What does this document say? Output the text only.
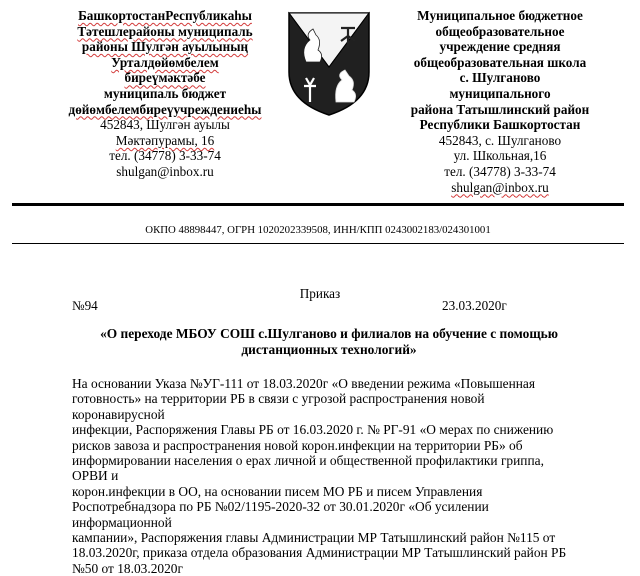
БашкортостанРеспубликаhы
Тәтешлерайоны муниципаль
районы Шулгән ауылының
Урталдөйөмбелем
биреүмәктәбе
муниципаль бюджет
дөйөмбелембиреүучреждениеhы
452843, Шулгән ауылы
Мәктәпурамы, 16
тел. (34778) 3-33-74
shulgan@inbox.ru
Муниципальное бюджетное
общеобразовательное
учреждение средняя
общеобразовательная школа
с. Шулганово
муниципального
района Татышлинский район
Республики Башкортостан
452843, с. Шулганово
ул. Школьная,16
тел. (34778) 3-33-74
shulgan@inbox.ru
ОКПО 48898447, ОГРН 1020202339508, ИНН/КПП 0243002183/024301001
Приказ
№94	23.03.2020г
«О переходе МБОУ СОШ с.Шулганово и филиалов на обучение с помощью
дистанционных технологий»
На основании Указа №УГ-111 от 18.03.2020г «О введении режима «Повышенная
готовность» на территории РБ в связи с угрозой распространения новой коронавирусной
инфекции, Распоряжения Главы РБ от 16.03.2020 г. № РГ-91 «О мерах по снижению
рисков завоза и распространения новой корон.инфекции на территории РБ» об
информировании населения о ерах личной и общественной профилактики гриппа, ОРВИ и
корон.инфекции в ОО, на основании писем МО РБ и писем Управления
Роспотребнадзора по РБ №02/1195-2020-32 от 30.01.2020г «Об усилении информационной
кампании», Распоряжения главы Администрации МР Татышлинский район №115 от
18.03.2020г, приказа отдела образования Администрации МР Татышлинский район РБ
№50 от 18.03.2020г
